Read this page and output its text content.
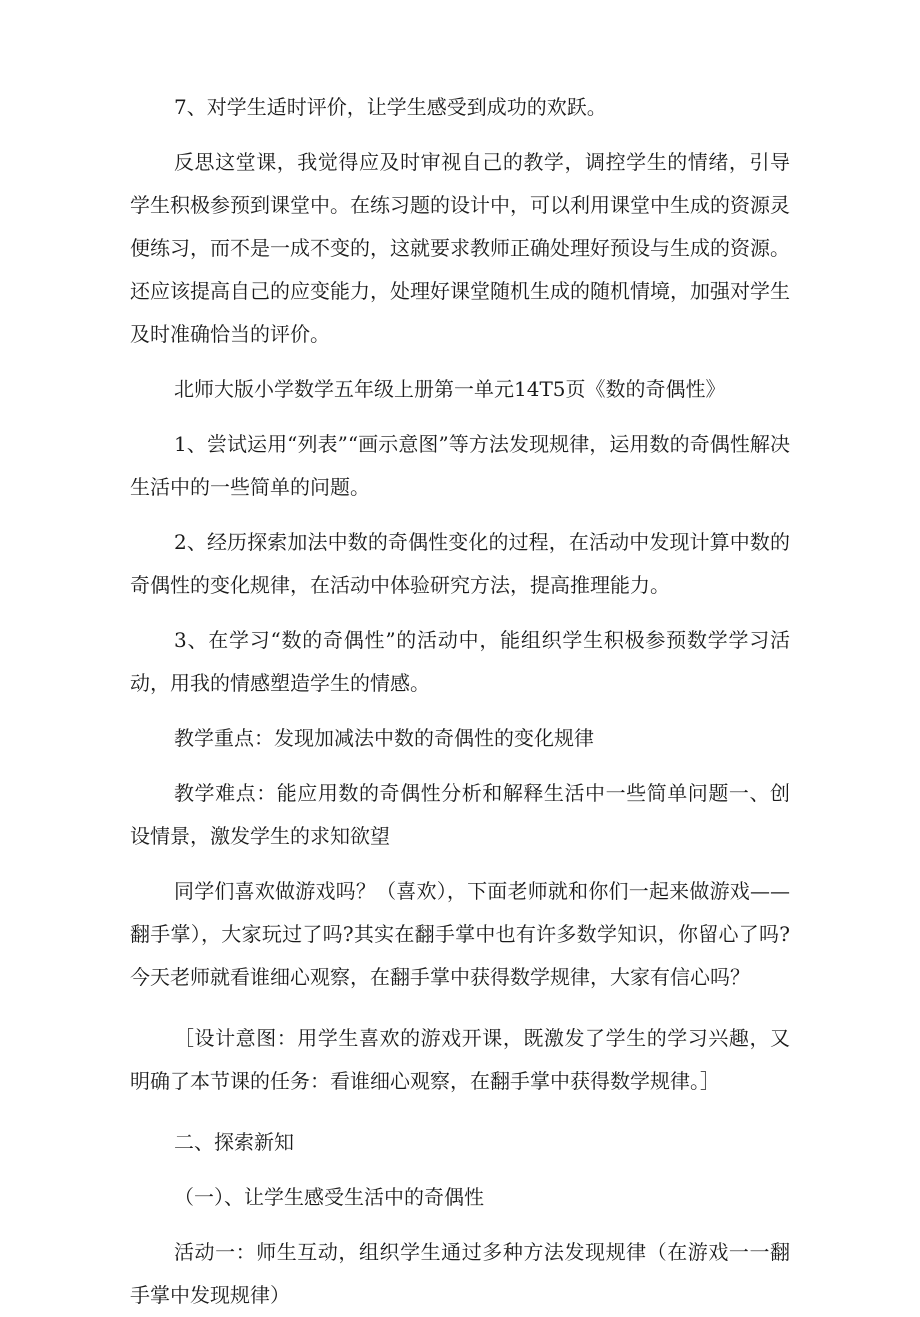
7、对学生适时评价，让学生感受到成功的欢跃。

反思这堂课，我觉得应及时审视自己的教学，调控学生的情绪，引导学生积极参预到课堂中。在练习题的设计中，可以利用课堂中生成的资源灵便练习，而不是一成不变的，这就要求教师正确处理好预设与生成的资源。还应该提高自己的应变能力，处理好课堂随机生成的随机情境，加强对学生及时准确恰当的评价。

北师大版小学数学五年级上册第一单元14T5页《数的奇偶性》

1、尝试运用“列表”“画示意图”等方法发现规律，运用数的奇偶性解决生活中的一些简单的问题。

2、经历探索加法中数的奇偶性变化的过程，在活动中发现计算中数的奇偶性的变化规律，在活动中体验研究方法，提高推理能力。

3、在学习“数的奇偶性”的活动中，能组织学生积极参预数学学习活动，用我的情感塑造学生的情感。

教学重点：发现加减法中数的奇偶性的变化规律

教学难点：能应用数的奇偶性分析和解释生活中一些简单问题一、创设情景，激发学生的求知欲望

同学们喜欢做游戏吗？（喜欢），下面老师就和你们一起来做游戏——翻手掌），大家玩过了吗?其实在翻手掌中也有许多数学知识，你留心了吗?今天老师就看谁细心观察，在翻手掌中获得数学规律，大家有信心吗？

［设计意图：用学生喜欢的游戏开课，既激发了学生的学习兴趣，又明确了本节课的任务：看谁细心观察，在翻手掌中获得数学规律。］

二、探索新知

（一）、让学生感受生活中的奇偶性

活动一：师生互动，组织学生通过多种方法发现规律（在游戏一一翻手掌中发现规律）
